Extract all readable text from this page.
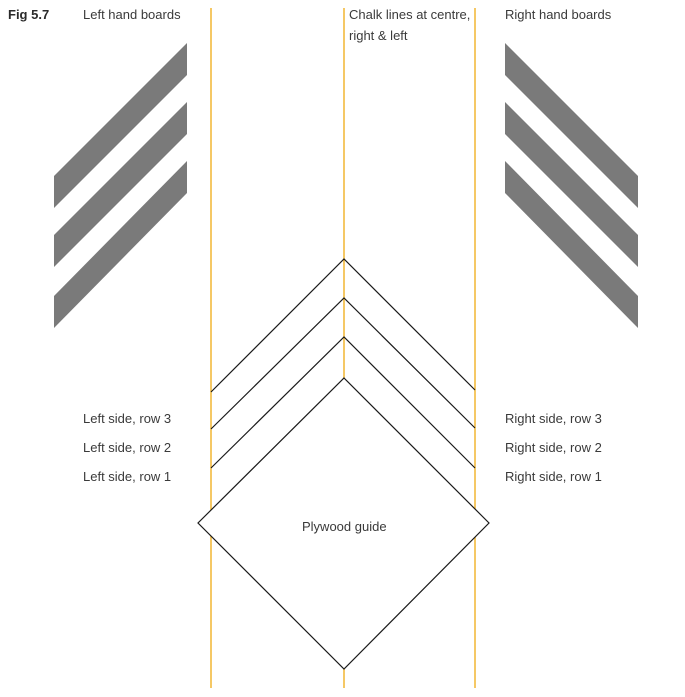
Fig 5.7	Left hand boards	Chalk lines at centre,
right & left
Right hand boards
Left side, row 3
Left side, row 2
Left side, row 1
Right side, row 3
Right side, row 2
Right side, row 1
Plywood guide
